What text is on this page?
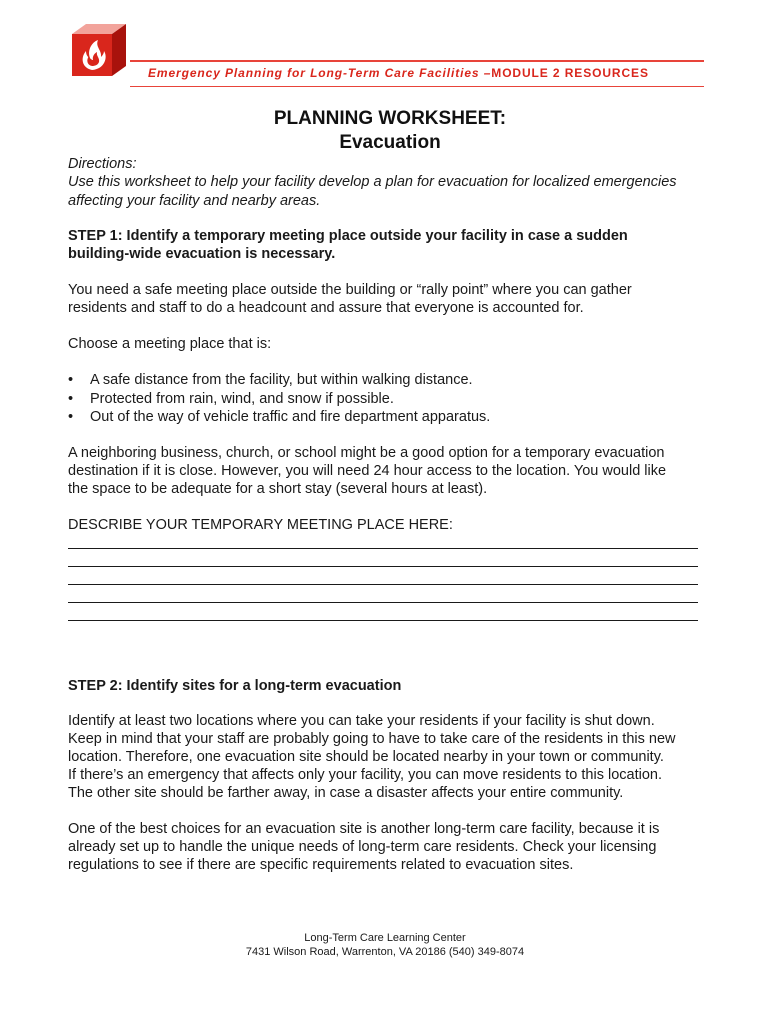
Emergency Planning for Long-Term Care Facilities –MODULE 2 RESOURCES
PLANNING WORKSHEET:
Evacuation
Directions:
Use this worksheet to help your facility develop a plan for evacuation for localized emergencies
affecting your facility and nearby areas.
STEP 1: Identify a temporary meeting place outside your facility in case a sudden
building-wide evacuation is necessary.
You need a safe meeting place outside the building or “rally point” where you can gather
residents and staff to do a headcount and assure that everyone is accounted for.
Choose a meeting place that is:
• A safe distance from the facility, but within walking distance.
• Protected from rain, wind, and snow if possible.
• Out of the way of vehicle traffic and fire department apparatus.
A neighboring business, church, or school might be a good option for a temporary evacuation
destination if it is close. However, you will need 24 hour access to the location. You would like
the space to be adequate for a short stay (several hours at least).
DESCRIBE YOUR TEMPORARY MEETING PLACE HERE:
STEP 2: Identify sites for a long-term evacuation
Identify at least two locations where you can take your residents if your facility is shut down.
Keep in mind that your staff are probably going to have to take care of the residents in this new
location. Therefore, one evacuation site should be located nearby in your town or community.
If there’s an emergency that affects only your facility, you can move residents to this location.
The other site should be farther away, in case a disaster affects your entire community.
One of the best choices for an evacuation site is another long-term care facility, because it is
already set up to handle the unique needs of long-term care residents. Check your licensing
regulations to see if there are specific requirements related to evacuation sites.
Long-Term Care Learning Center
7431 Wilson Road, Warrenton, VA 20186 (540) 349-8074
